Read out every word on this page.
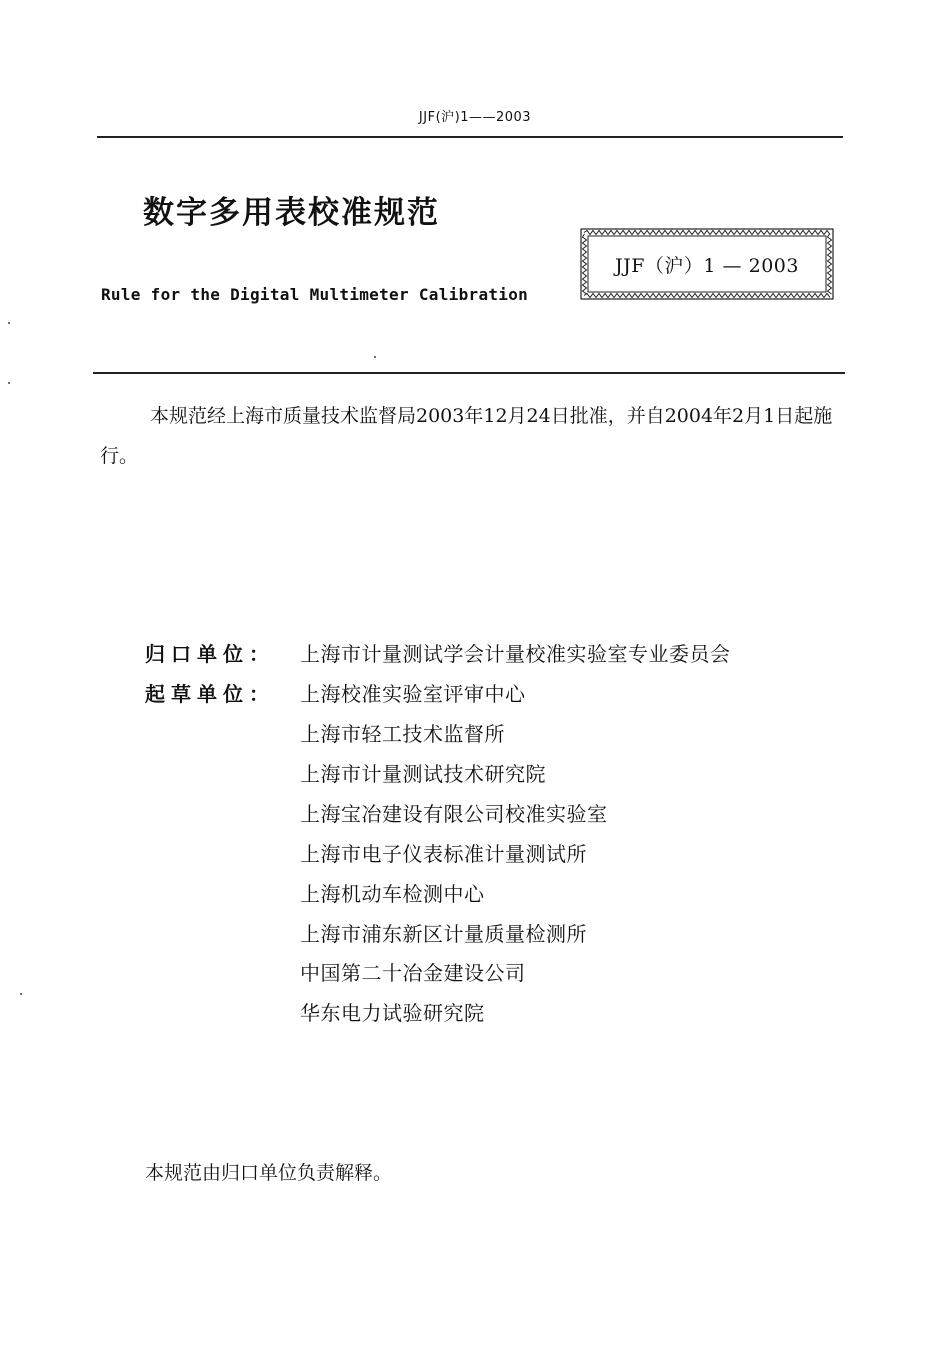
JJF(沪)1——2003
数字多用表校准规范
Rule for the Digital Multimeter Calibration
JJF（沪）1 — 2003
本规范经上海市质量技术监督局2003年12月24日批准，并自2004年2月1日起施行。
归口单位： 上海市计量测试学会计量校准实验室专业委员会
起草单位： 上海校准实验室评审中心
上海市轻工技术监督所
上海市计量测试技术研究院
上海宝冶建设有限公司校准实验室
上海市电子仪表标准计量测试所
上海机动车检测中心
上海市浦东新区计量质量检测所
中国第二十冶金建设公司
华东电力试验研究院
本规范由归口单位负责解释。
